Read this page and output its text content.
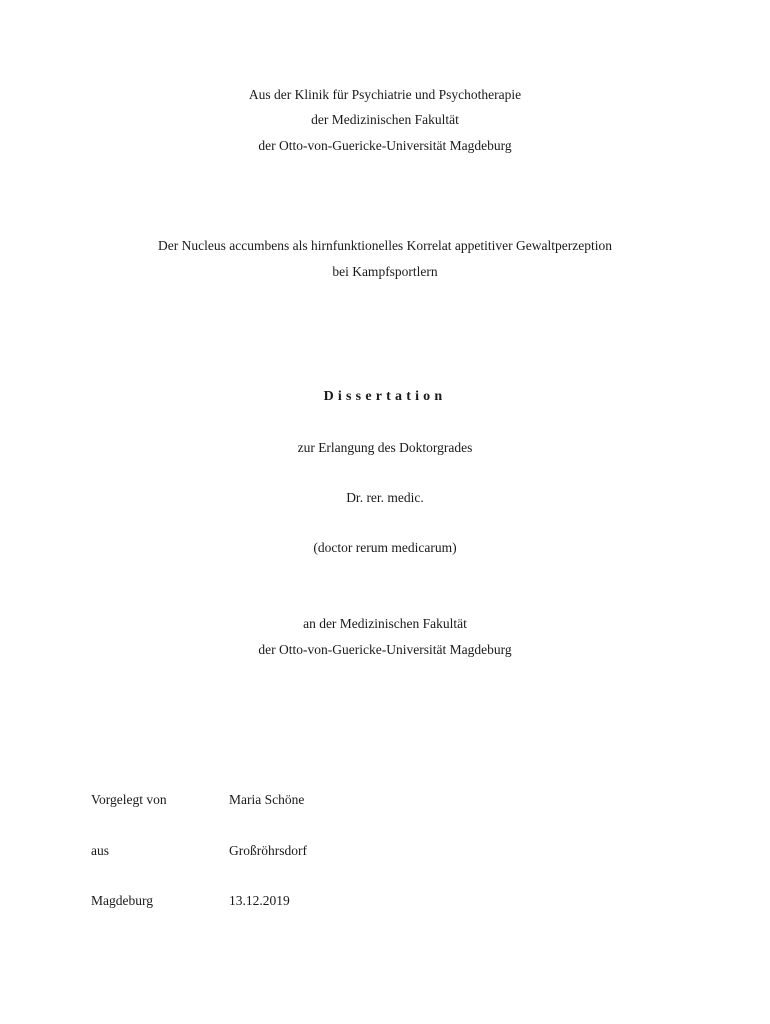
Aus der Klinik für Psychiatrie und Psychotherapie
der Medizinischen Fakultät
der Otto-von-Guericke-Universität Magdeburg
Der Nucleus accumbens als hirnfunktionelles Korrelat appetitiver Gewaltperzeption
bei Kampfsportlern
Dissertation
zur Erlangung des Doktorgrades
Dr. rer. medic.
(doctor rerum medicarum)
an der Medizinischen Fakultät
der Otto-von-Guericke-Universität Magdeburg
Vorgelegt von	Maria Schöne
aus	Großröhrsdorf
Magdeburg	13.12.2019
